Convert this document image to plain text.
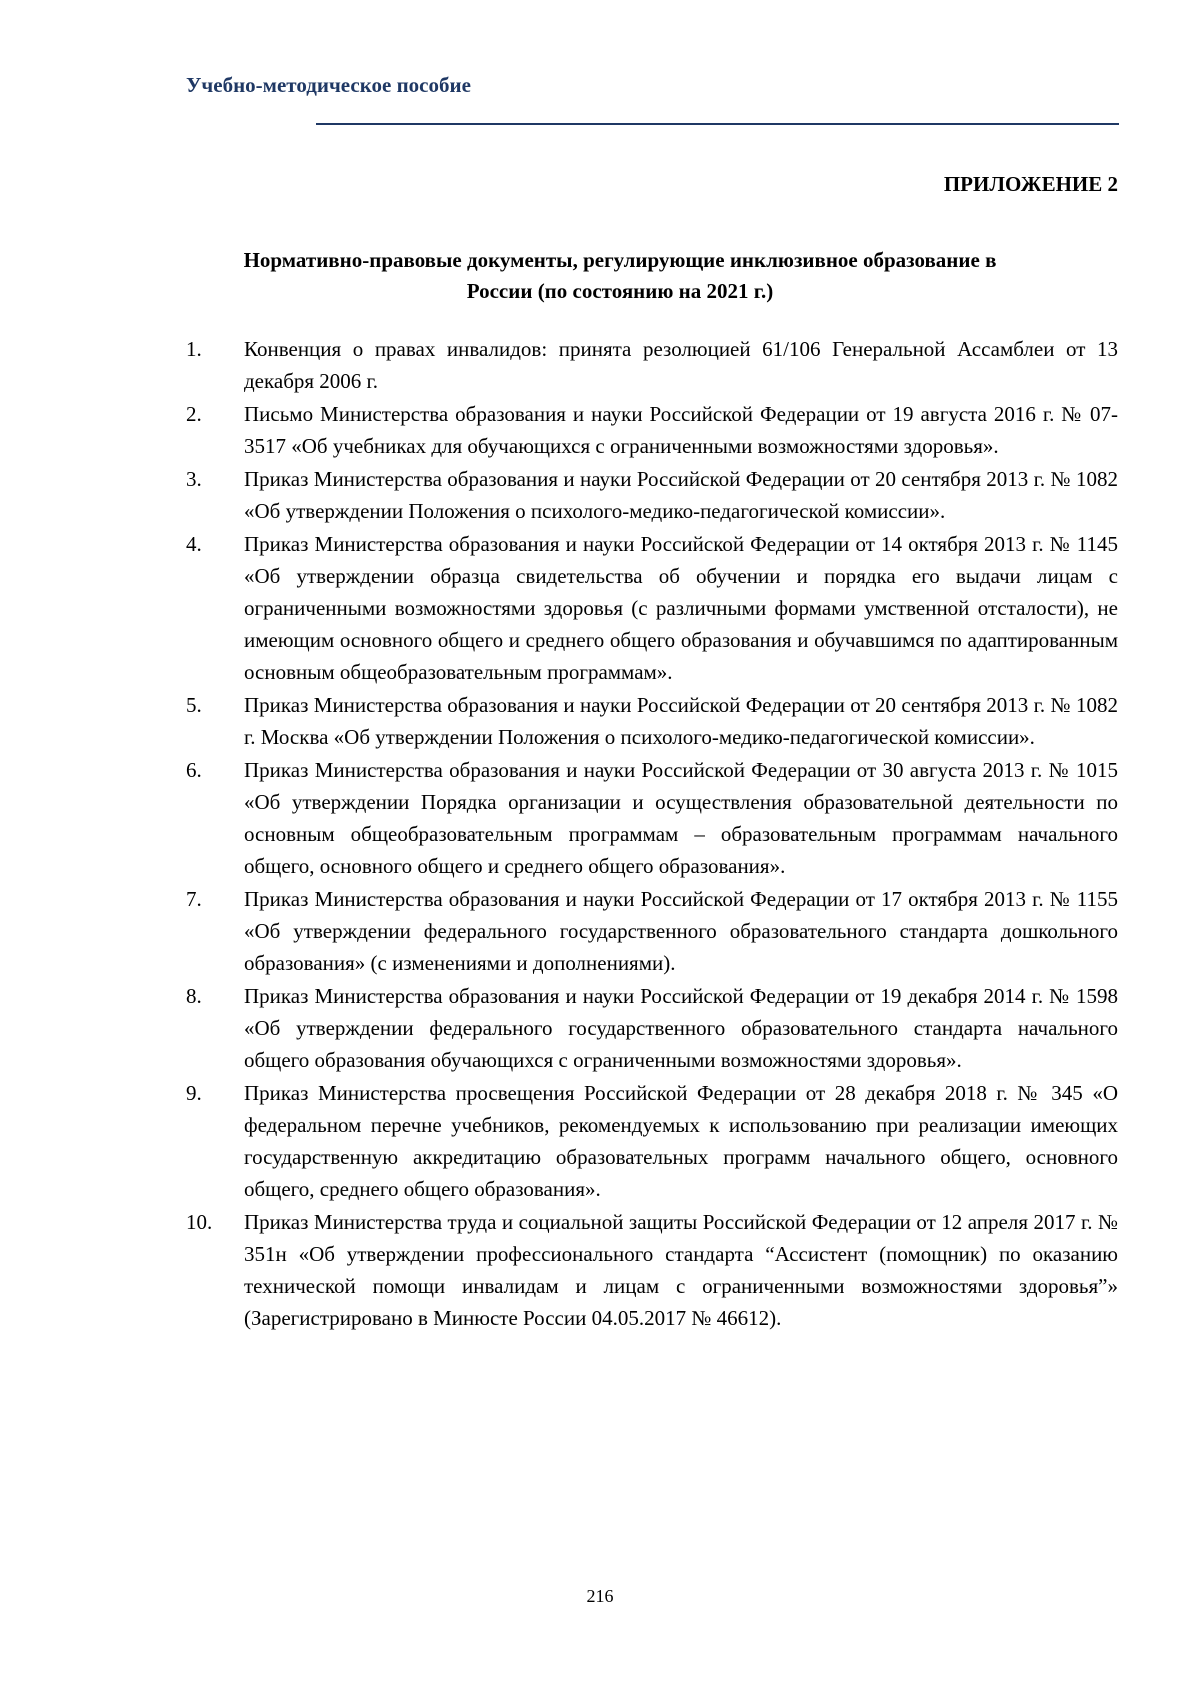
Учебно-методическое пособие
ПРИЛОЖЕНИЕ 2
Нормативно-правовые документы, регулирующие инклюзивное образование в
России (по состоянию на 2021 г.)
1. Конвенция о правах инвалидов: принята резолюцией 61/106 Генеральной Ассамблеи от 13 декабря 2006 г.
2. Письмо Министерства образования и науки Российской Федерации от 19 августа 2016 г. № 07-3517 «Об учебниках для обучающихся с ограниченными возможностями здоровья».
3. Приказ Министерства образования и науки Российской Федерации от 20 сентября 2013 г. № 1082 «Об утверждении Положения о психолого-медико-педагогической комиссии».
4. Приказ Министерства образования и науки Российской Федерации от 14 октября 2013 г. № 1145 «Об утверждении образца свидетельства об обучении и порядка его выдачи лицам с ограниченными возможностями здоровья (с различными формами умственной отсталости), не имеющим основного общего и среднего общего образования и обучавшимся по адаптированным основным общеобразовательным программам».
5. Приказ Министерства образования и науки Российской Федерации от 20 сентября 2013 г. № 1082 г. Москва «Об утверждении Положения о психолого-медико-педагогической комиссии».
6. Приказ Министерства образования и науки Российской Федерации от 30 августа 2013 г. № 1015 «Об утверждении Порядка организации и осуществления образовательной деятельности по основным общеобразовательным программам – образовательным программам начального общего, основного общего и среднего общего образования».
7. Приказ Министерства образования и науки Российской Федерации от 17 октября 2013 г. № 1155 «Об утверждении федерального государственного образовательного стандарта дошкольного образования» (с изменениями и дополнениями).
8. Приказ Министерства образования и науки Российской Федерации от 19 декабря 2014 г. № 1598 «Об утверждении федерального государственного образовательного стандарта начального общего образования обучающихся с ограниченными возможностями здоровья».
9. Приказ Министерства просвещения Российской Федерации от 28 декабря 2018 г. № 345 «О федеральном перечне учебников, рекомендуемых к использованию при реализации имеющих государственную аккредитацию образовательных программ начального общего, основного общего, среднего общего образования».
10. Приказ Министерства труда и социальной защиты Российской Федерации от 12 апреля 2017 г. № 351н «Об утверждении профессионального стандарта “Ассистент (помощник) по оказанию технической помощи инвалидам и лицам с ограниченными возможностями здоровья”» (Зарегистрировано в Минюсте России 04.05.2017 № 46612).
216
